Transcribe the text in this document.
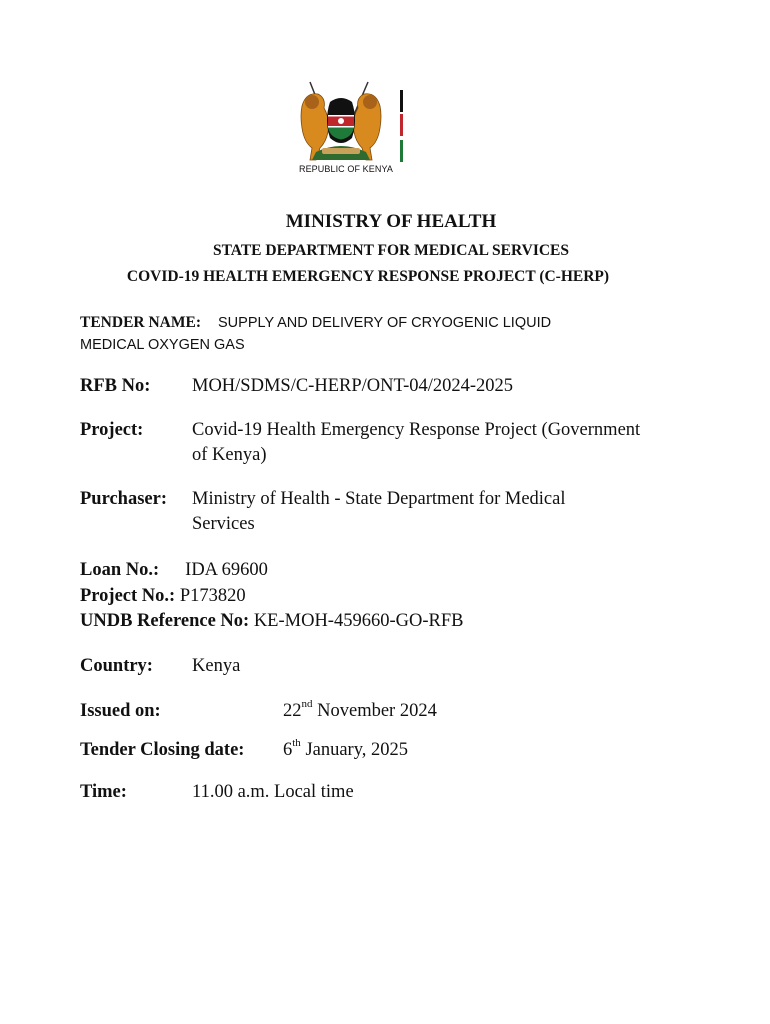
REPUBLIC OF KENYA
MINISTRY OF HEALTH
STATE DEPARTMENT FOR MEDICAL SERVICES
COVID-19 HEALTH EMERGENCY RESPONSE PROJECT (C-HERP)
TENDER NAME: SUPPLY AND DELIVERY OF CRYOGENIC LIQUID
MEDICAL OXYGEN GAS
RFB No: MOH/SDMS/C-HERP/ONT-04/2024-2025
Project:	Covid-19 Health Emergency Response Project (Government
of Kenya)
Purchaser: Ministry of Health - State Department for Medical
Services
Loan No.: IDA 69600
Project No.: P173820
UNDB Reference No: KE-MOH-459660-GO-RFB
Country: Kenya
Issued on:	22nd November 2024
Tender Closing date: 6th January, 2025
Time:	11.00 a.m. Local time
